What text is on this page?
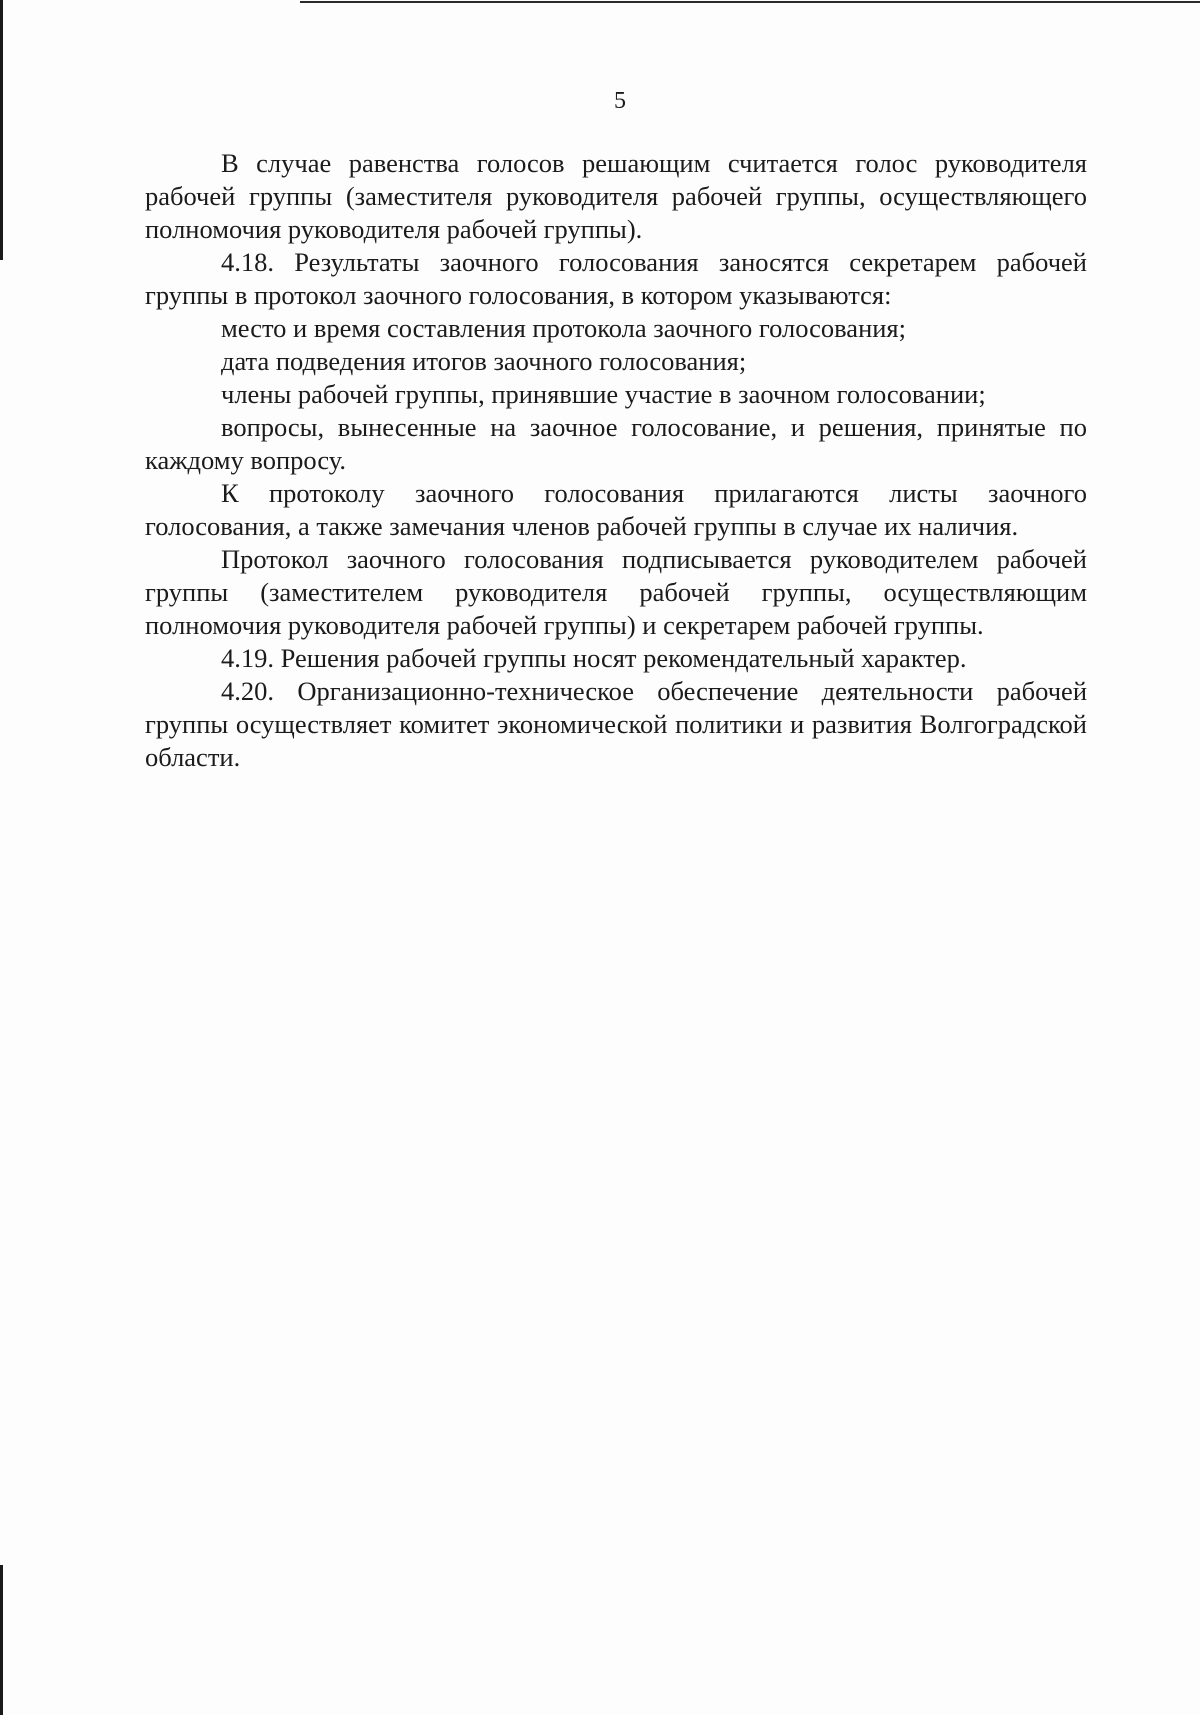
5

В случае равенства голосов решающим считается голос руководителя рабочей группы (заместителя руководителя рабочей группы, осуществляющего полномочия руководителя рабочей группы).

4.18. Результаты заочного голосования заносятся секретарем рабочей группы в протокол заочного голосования, в котором указываются:

место и время составления протокола заочного голосования;

дата подведения итогов заочного голосования;

члены рабочей группы, принявшие участие в заочном голосовании;

вопросы, вынесенные на заочное голосование, и решения, принятые по каждому вопросу.

К протоколу заочного голосования прилагаются листы заочного голосования, а также замечания членов рабочей группы в случае их наличия.

Протокол заочного голосования подписывается руководителем рабочей группы (заместителем руководителя рабочей группы, осуществляющим полномочия руководителя рабочей группы) и секретарем рабочей группы.

4.19. Решения рабочей группы носят рекомендательный характер.

4.20. Организационно-техническое обеспечение деятельности рабочей группы осуществляет комитет экономической политики и развития Волгоградской области.
